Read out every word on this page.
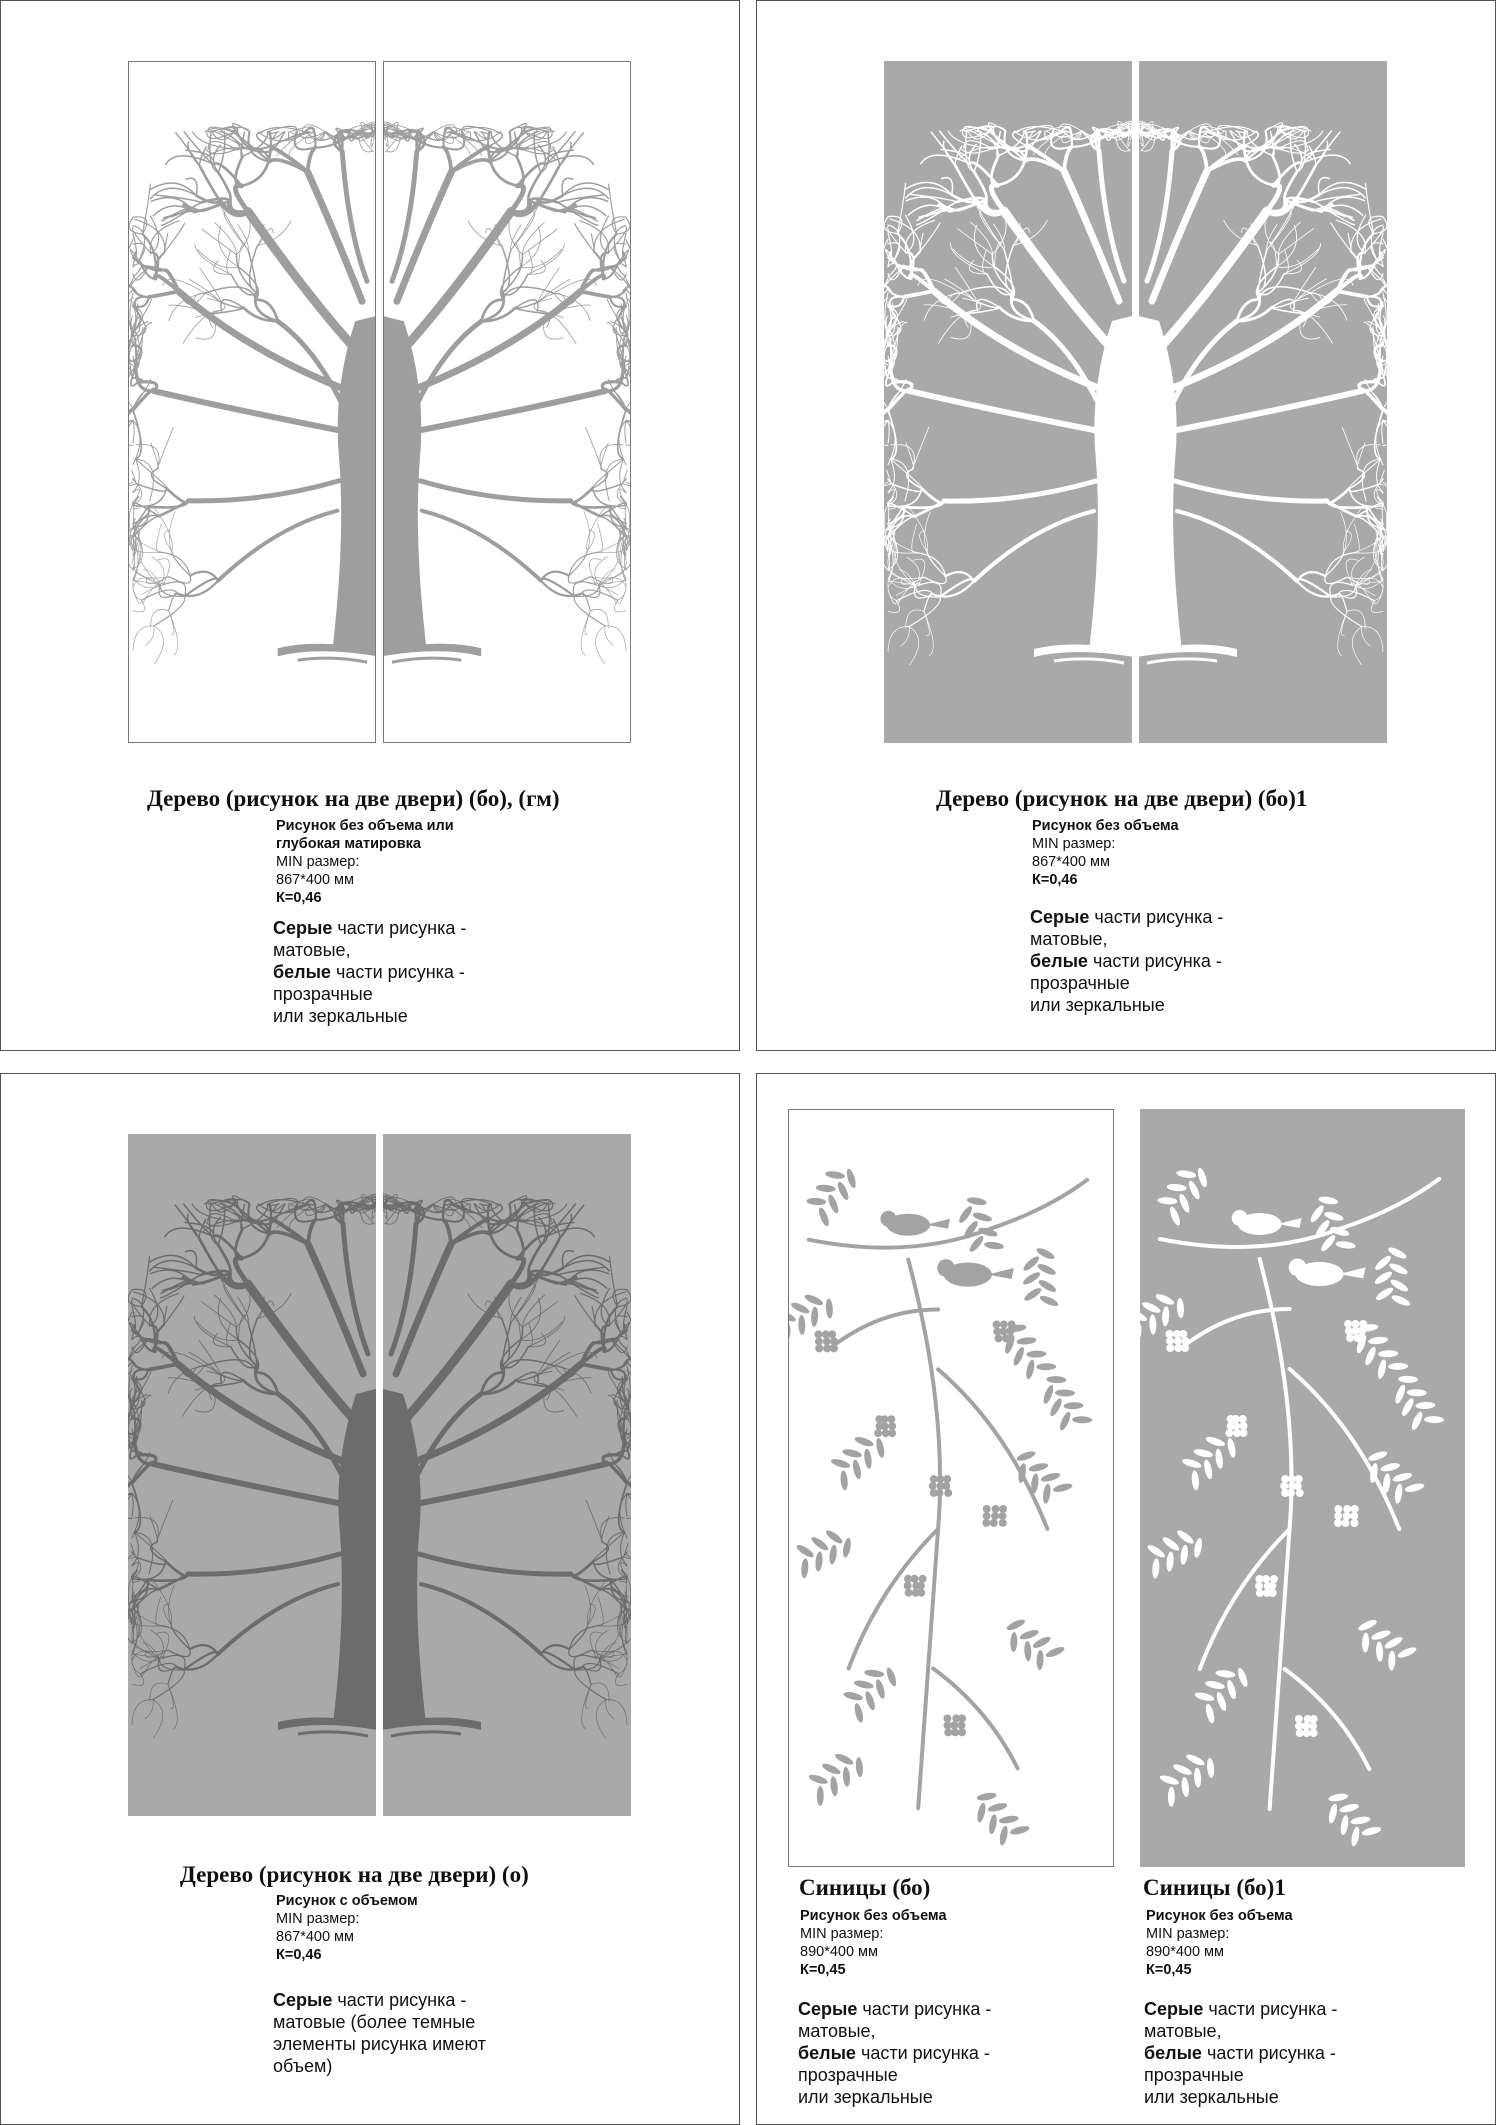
Дерево (рисунок на две двери) (бо), (гм)
Рисунок без объема или глубокая матировка
MIN размер:
867*400 мм
К=0,46
Серые части рисунка - матовые,
белые части рисунка - прозрачные
или зеркальные
Дерево (рисунок на две двери) (бо)1
Рисунок без объема
MIN размер:
867*400 мм
К=0,46
Серые части рисунка - матовые,
белые части рисунка - прозрачные
или зеркальные
Дерево (рисунок на две двери) (о)
Рисунок с объемом
MIN размер:
867*400 мм
К=0,46
Серые части рисунка - матовые (более темные элементы рисунка имеют объем)
Синицы (бо)
Рисунок без объема
MIN размер:
890*400 мм
К=0,45
Серые части рисунка - матовые,
белые части рисунка - прозрачные
или зеркальные
Синицы (бо)1
Рисунок без объема
MIN размер:
890*400 мм
К=0,45
Серые части рисунка - матовые,
белые части рисунка - прозрачные
или зеркальные
